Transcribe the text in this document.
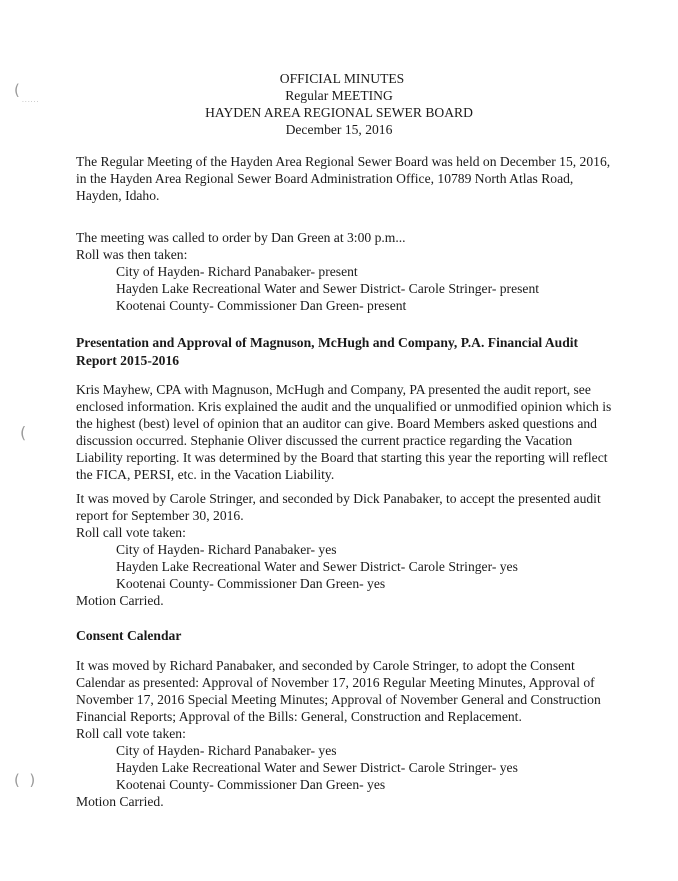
(
......
(
(  )
OFFICIAL MINUTES
Regular MEETING
HAYDEN AREA REGIONAL SEWER BOARD
December 15, 2016

The Regular Meeting of the Hayden Area Regional Sewer Board was held on December 15, 2016,

in the Hayden Area Regional Sewer Board Administration Office, 10789 North Atlas Road,

Hayden, Idaho.

The meeting was called to order by Dan Green at 3:00 p.m...

Roll was then taken:

City of Hayden- Richard Panabaker- present

Hayden Lake Recreational Water and Sewer District- Carole Stringer- present

Kootenai County- Commissioner Dan Green- present

Presentation and Approval of Magnuson, McHugh and Company, P.A. Financial Audit

Report 2015-2016

Kris Mayhew, CPA with Magnuson, McHugh and Company, PA presented the audit report, see

enclosed information. Kris explained the audit and the unqualified or unmodified opinion which is

the highest (best) level of opinion that an auditor can give. Board Members asked questions and

discussion occurred. Stephanie Oliver discussed the current practice regarding the Vacation

Liability reporting. It was determined by the Board that starting this year the reporting will reflect

the FICA, PERSI, etc. in the Vacation Liability.

It was moved by Carole Stringer, and seconded by Dick Panabaker, to accept the presented audit

report for September 30, 2016.

Roll call vote taken:

City of Hayden- Richard Panabaker- yes

Hayden Lake Recreational Water and Sewer District- Carole Stringer- yes

Kootenai County- Commissioner Dan Green- yes

Motion Carried.

Consent Calendar

It was moved by Richard Panabaker, and seconded by Carole Stringer, to adopt the Consent

Calendar as presented: Approval of November 17, 2016 Regular Meeting Minutes, Approval of

November 17, 2016 Special Meeting Minutes; Approval of November General and Construction

Financial Reports; Approval of the Bills: General, Construction and Replacement.

Roll call vote taken:

City of Hayden- Richard Panabaker- yes

Hayden Lake Recreational Water and Sewer District- Carole Stringer- yes

Kootenai County- Commissioner Dan Green- yes

Motion Carried.
